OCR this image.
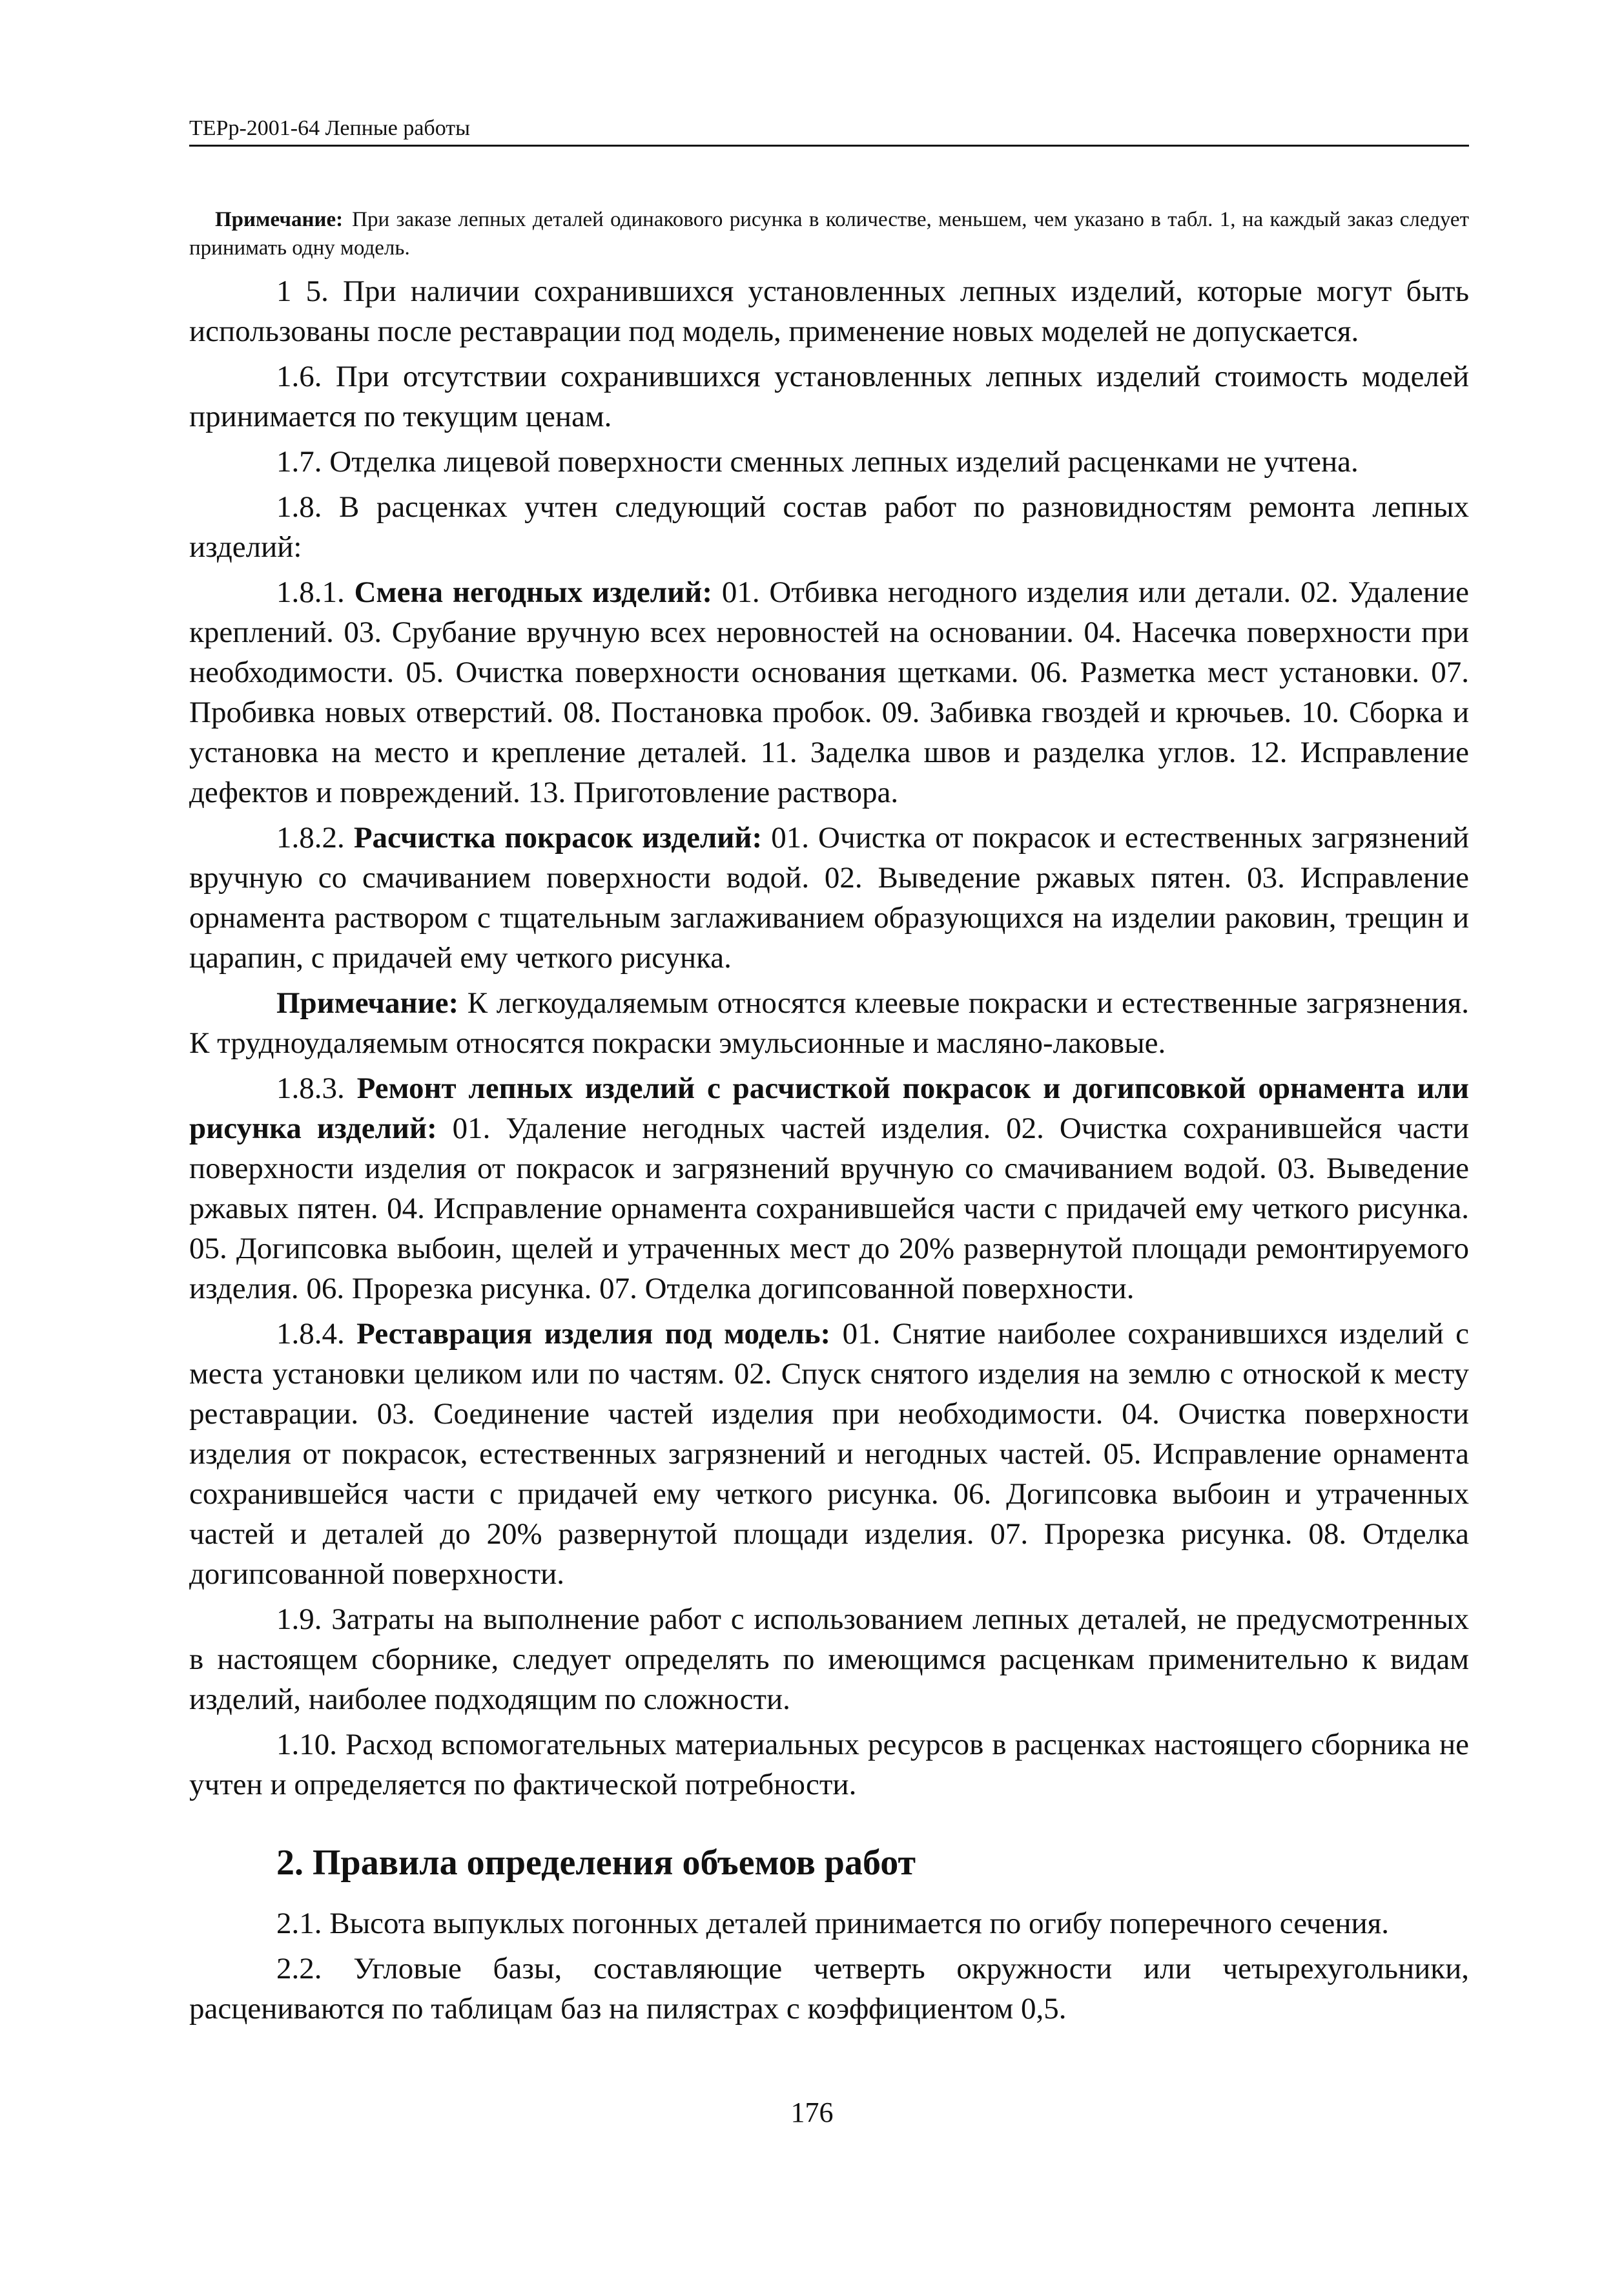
ТЕРр-2001-64 Лепные работы
Примечание: При заказе лепных деталей одинакового рисунка в количестве, меньшем, чем указано в табл. 1, на каждый заказ следует принимать одну модель.

1 5. При наличии сохранившихся установленных лепных изделий, которые могут быть использованы после реставрации под модель, применение новых моделей не допускается.

1.6. При отсутствии сохранившихся установленных лепных изделий стоимость моделей принимается по текущим ценам.

1.7. Отделка лицевой поверхности сменных лепных изделий расценками не учтена.

1.8. В расценках учтен следующий состав работ по разновидностям ремонта лепных изделий:

1.8.1. Смена негодных изделий: 01. Отбивка негодного изделия или детали. 02. Удаление креплений. 03. Срубание вручную всех неровностей на основании. 04. Насечка поверхности при необходимости. 05. Очистка поверхности основания щетками. 06. Разметка мест установки. 07. Пробивка новых отверстий. 08. Постановка пробок. 09. Забивка гвоздей и крючьев. 10. Сборка и установка на место и крепление деталей. 11. Заделка швов и разделка углов. 12. Исправление дефектов и повреждений. 13. Приготовление раствора.

1.8.2. Расчистка покрасок изделий: 01. Очистка от покрасок и естественных загрязнений вручную со смачиванием поверхности водой. 02. Выведение ржавых пятен. 03. Исправление орнамента раствором с тщательным заглаживанием образующихся на изделии раковин, трещин и царапин, с придачей ему четкого рисунка.

Примечание: К легкоудаляемым относятся клеевые покраски и естественные загрязнения. К трудноудаляемым относятся покраски эмульсионные и масляно-лаковые.

1.8.3. Ремонт лепных изделий с расчисткой покрасок и догипсовкой орнамента или рисунка изделий: 01. Удаление негодных частей изделия. 02. Очистка сохранившейся части поверхности изделия от покрасок и загрязнений вручную со смачиванием водой. 03. Выведение ржавых пятен. 04. Исправление орнамента сохранившейся части с придачей ему четкого рисунка. 05. Догипсовка выбоин, щелей и утраченных мест до 20% развернутой площади ремонтируемого изделия. 06. Прорезка рисунка. 07. Отделка догипсованной поверхности.

1.8.4. Реставрация изделия под модель: 01. Снятие наиболее сохранившихся изделий с места установки целиком или по частям. 02. Спуск снятого изделия на землю с отноской к месту реставрации. 03. Соединение частей изделия при необходимости. 04. Очистка поверхности изделия от покрасок, естественных загрязнений и негодных частей. 05. Исправление орнамента сохранившейся части с придачей ему четкого рисунка. 06. Догипсовка выбоин и утраченных частей и деталей до 20% развернутой площади изделия. 07. Прорезка рисунка. 08. Отделка догипсованной поверхности.

1.9. Затраты на выполнение работ с использованием лепных деталей, не предусмотренных в настоящем сборнике, следует определять по имеющимся расценкам применительно к видам изделий, наиболее подходящим по сложности.

1.10. Расход вспомогательных материальных ресурсов в расценках настоящего сборника не учтен и определяется по фактической потребности.

2. Правила определения объемов работ

2.1. Высота выпуклых погонных деталей принимается по огибу поперечного сечения.

2.2. Угловые базы, составляющие четверть окружности или четырехугольники, расцениваются по таблицам баз на пилястрах с коэффициентом 0,5.

176
